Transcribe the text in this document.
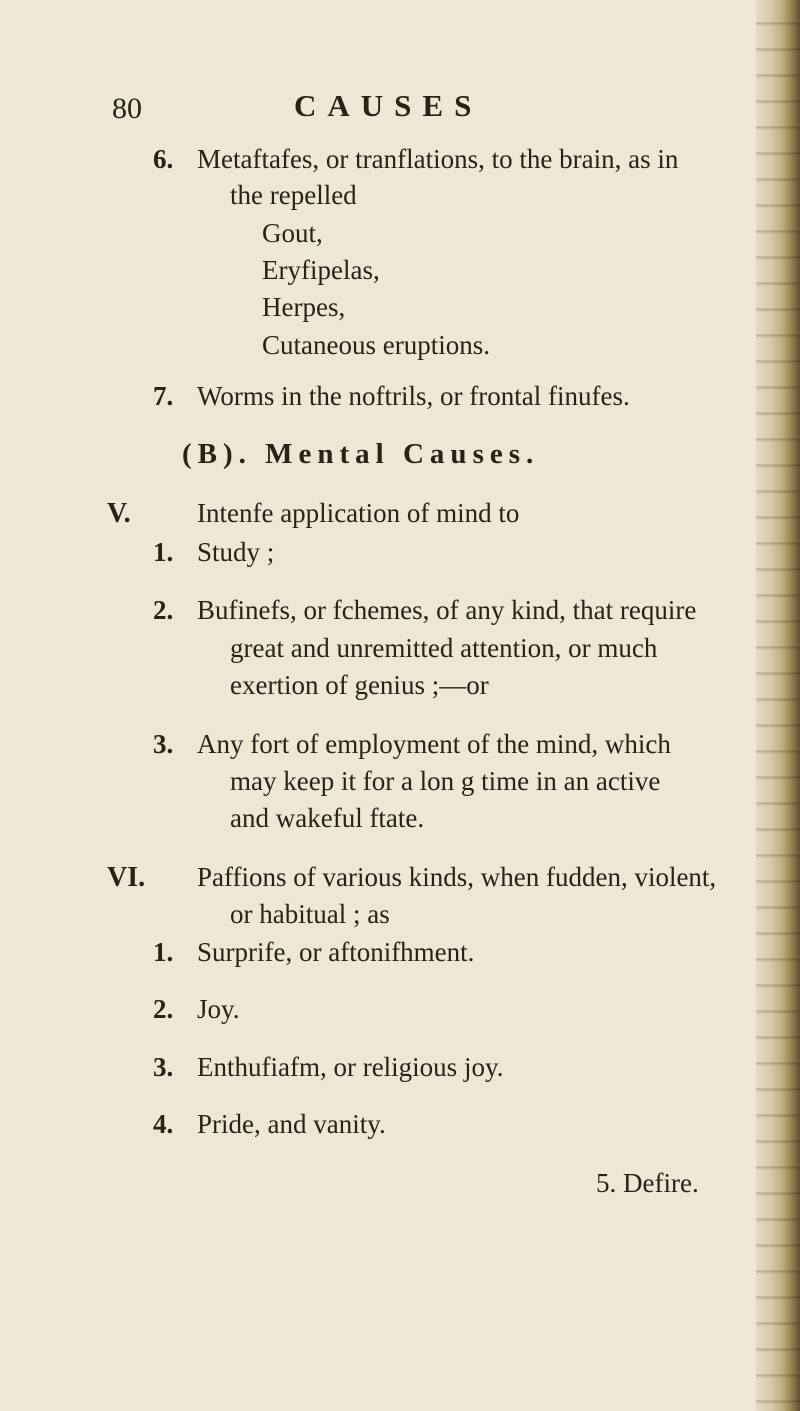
80	CAUSES
6. Metaftafes, or tranflations, to the brain, as in
the repelled
Gout,
Eryfipelas,
Herpes,
Cutaneous eruptions.
7. Worms in the noftrils, or frontal finufes.
(B). Mental Causes.
V. Intenfe application of mind to
1. Study ;
2. Bufinefs, or fchemes, of any kind, that require
great and unremitted attention, or much
exertion of genius ;—or
3. Any fort of employment of the mind, which
may keep it for a lon g time in an active
and wakeful ftate.
VI. Paffions of various kinds, when fudden, violent,
or habitual ; as
1. Surprife, or aftonifhment.
2. Joy.
3. Enthufiafm, or religious joy.
4. Pride, and vanity.
5. Defire.
